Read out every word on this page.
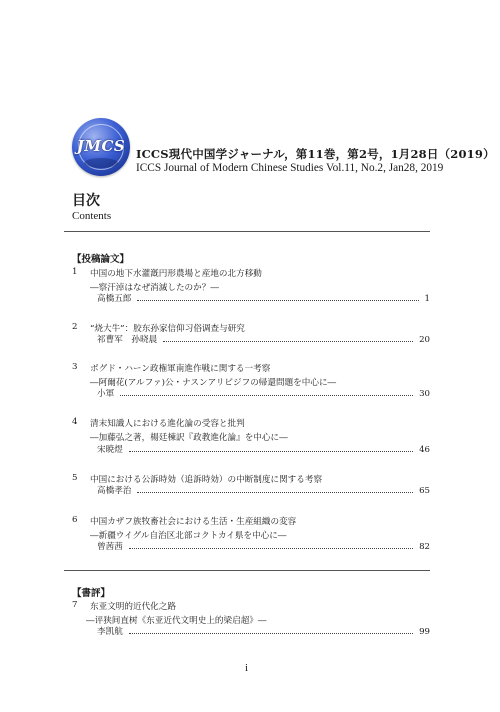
JMCS ICCS現代中国学ジャーナル，第11巻，第2号，1月28日（2019）
ICCS Journal of Modern Chinese Studies Vol.11, No.2, Jan28, 2019
目次
Contents
【投稿論文】
1 中国の地下水灌漑円形農場と産地の北方移動
―察汗淖はなぜ消滅したのか？―
高橋五郎	1
2 “烧大牛”：胶东孙家信仰习俗调查与研究
祁曹军　孙晓晨	20
3 ボグド・ハーン政権軍南進作戦に関する一考察
―阿爾花(アルファ)公・ナスンアリビジフの帰還問題を中心に―
小軍	30
4 清末知識人における進化論の受容と批判
―加藤弘之著，楊廷棟訳『政教進化論』を中心に―
宋暁煜	46
5 中国における公訴時効（追訴時効）の中断制度に関する考察
高橋孝治	65
6 中国カザフ族牧畜社会における生活・生産組織の変容
―新疆ウイグル自治区北部コクトカイ県を中心に―
曾茜茜	82
【書評】
7 东亚文明的近代化之路
―评狭间直树《东亚近代文明史上的梁启超》―
李凯航	99
i
